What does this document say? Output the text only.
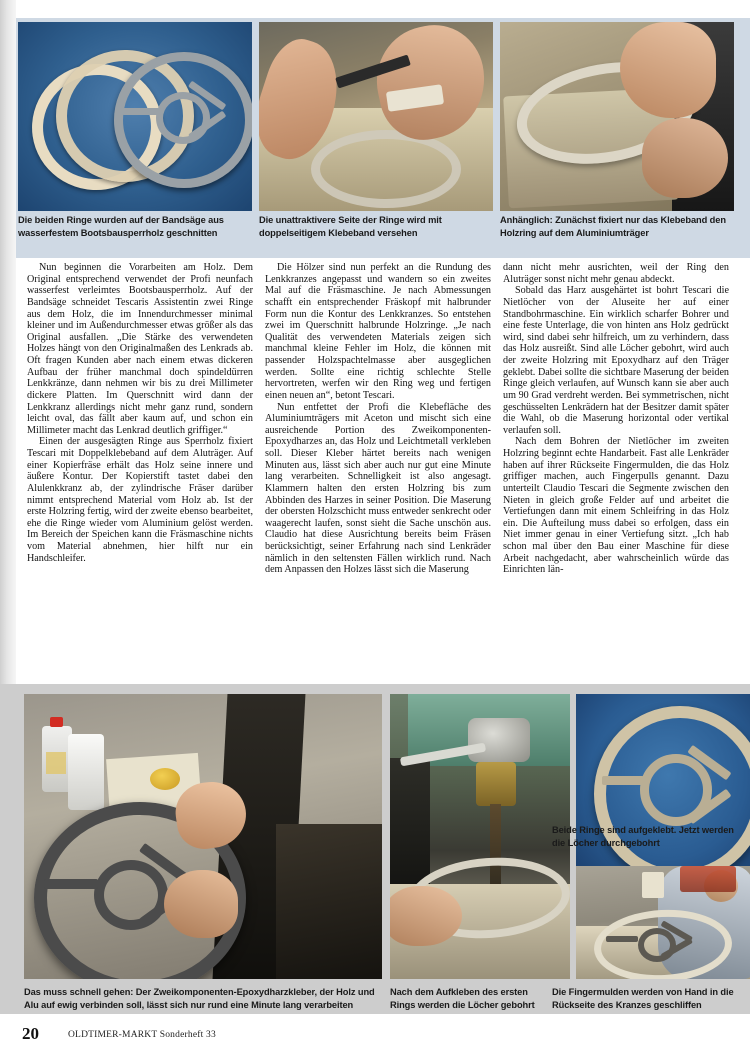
Die beiden Ringe wurden auf der Bandsäge aus wasserfestem Bootsbausperrholz geschnitten
Die unattraktivere Seite der Ringe wird mit doppelseitigem Klebeband versehen
Anhänglich: Zunächst fixiert nur das Klebeband den Holzring auf dem Aluminiumträger

Nun beginnen die Vorarbeiten am Holz. Dem Original entsprechend verwendet der Profi neunfach wasserfest verleimtes Bootsbausperrholz. Auf der Bandsäge schneidet Tescaris Assistentin zwei Ringe aus dem Holz, die im Innendurchmesser minimal kleiner und im Außendurchmesser etwas größer als das Original ausfallen. „Die Stärke des verwendeten Holzes hängt von den Originalmaßen des Lenkrads ab. Oft fragen Kunden aber nach einem etwas dickeren Aufbau der früher manchmal doch spindeldürren Lenkkränze, dann nehmen wir bis zu drei Millimeter dickere Platten. Im Querschnitt wird dann der Lenkkranz allerdings nicht mehr ganz rund, sondern leicht oval, das fällt aber kaum auf, und schon ein Millimeter macht das Lenkrad deutlich griffiger.“

Einen der ausgesägten Ringe aus Sperrholz fixiert Tescari mit Doppelklebeband auf dem Aluträger. Auf einer Kopierfräse erhält das Holz seine innere und äußere Kontur. Der Kopierstift tastet dabei den Alulenkkranz ab, der zylindrische Fräser darüber nimmt entsprechend Material vom Holz ab. Ist der erste Holzring fertig, wird der zweite ebenso bearbeitet, ehe die Ringe wieder vom Aluminium gelöst werden. Im Bereich der Speichen kann die Fräsmaschine nichts vom Material abnehmen, hier hilft nur ein Handschleifer.

Die Hölzer sind nun perfekt an die Rundung des Lenkkranzes angepasst und wandern so ein zweites Mal auf die Fräsmaschine. Je nach Abmessungen schafft ein entsprechender Fräskopf mit halbrunder Form nun die Kontur des Lenkkranzes. So entstehen zwei im Querschnitt halbrunde Holzringe. „Je nach Qualität des verwendeten Materials zeigen sich manchmal kleine Fehler im Holz, die können mit passender Holzspachtelmasse aber ausgeglichen werden. Sollte eine richtig schlechte Stelle hervortreten, werfen wir den Ring weg und fertigen einen neuen an“, betont Tescari.

Nun entfettet der Profi die Klebefläche des Aluminiumträgers mit Aceton und mischt sich eine ausreichende Portion des Zweikomponenten-Epoxydharzes an, das Holz und Leichtmetall verkleben soll. Dieser Kleber härtet bereits nach wenigen Minuten aus, lässt sich aber auch nur gut eine Minute lang verarbeiten. Schnelligkeit ist also angesagt. Klammern halten den ersten Holzring bis zum Abbinden des Harzes in seiner Position. Die Maserung der obersten Holzschicht muss entweder senkrecht oder waagerecht laufen, sonst sieht die Sache unschön aus. Claudio hat diese Ausrichtung bereits beim Fräsen berücksichtigt, seiner Erfahrung nach sind Lenkräder nämlich in den seltensten Fällen wirklich rund. Nach dem Anpassen den Holzes lässt sich die Maserung

dann nicht mehr ausrichten, weil der Ring den Aluträger sonst nicht mehr genau abdeckt.

Sobald das Harz ausgehärtet ist bohrt Tescari die Nietlöcher von der Aluseite her auf einer Standbohrmaschine. Ein wirklich scharfer Bohrer und eine feste Unterlage, die von hinten ans Holz gedrückt wird, sind dabei sehr hilfreich, um zu verhindern, dass das Holz ausreißt. Sind alle Löcher gebohrt, wird auch der zweite Holzring mit Epoxydharz auf den Träger geklebt. Dabei sollte die sichtbare Maserung der beiden Ringe gleich verlaufen, auf Wunsch kann sie aber auch um 90 Grad verdreht werden. Bei symmetrischen, nicht geschüsselten Lenkrädern hat der Besitzer damit später die Wahl, ob die Maserung horizontal oder vertikal verlaufen soll.

Nach dem Bohren der Nietlöcher im zweiten Holzring beginnt echte Handarbeit. Fast alle Lenkräder haben auf ihrer Rückseite Fingermulden, die das Holz griffiger machen, auch Fingerpulls genannt. Dazu unterteilt Claudio Tescari die Segmente zwischen den Nieten in gleich große Felder auf und arbeitet die Vertiefungen dann mit einem Schleifring in das Holz ein. Die Aufteilung muss dabei so erfolgen, dass ein Niet immer genau in einer Vertiefung sitzt. „Ich hab schon mal über den Bau einer Maschine für diese Arbeit nachgedacht, aber wahrscheinlich würde das Einrichten län-

Beide Ringe sind aufgeklebt. Jetzt werden die Löcher durchgebohrt
Das muss schnell gehen: Der Zweikomponenten-Epoxydharzkleber, der Holz und Alu auf ewig verbinden soll, lässt sich nur rund eine Minute lang verarbeiten
Nach dem Aufkleben des ersten Rings werden die Löcher gebohrt
Die Fingermulden werden von Hand in die Rückseite des Kranzes geschliffen
20	OLDTIMER-MARKT Sonderheft 33
